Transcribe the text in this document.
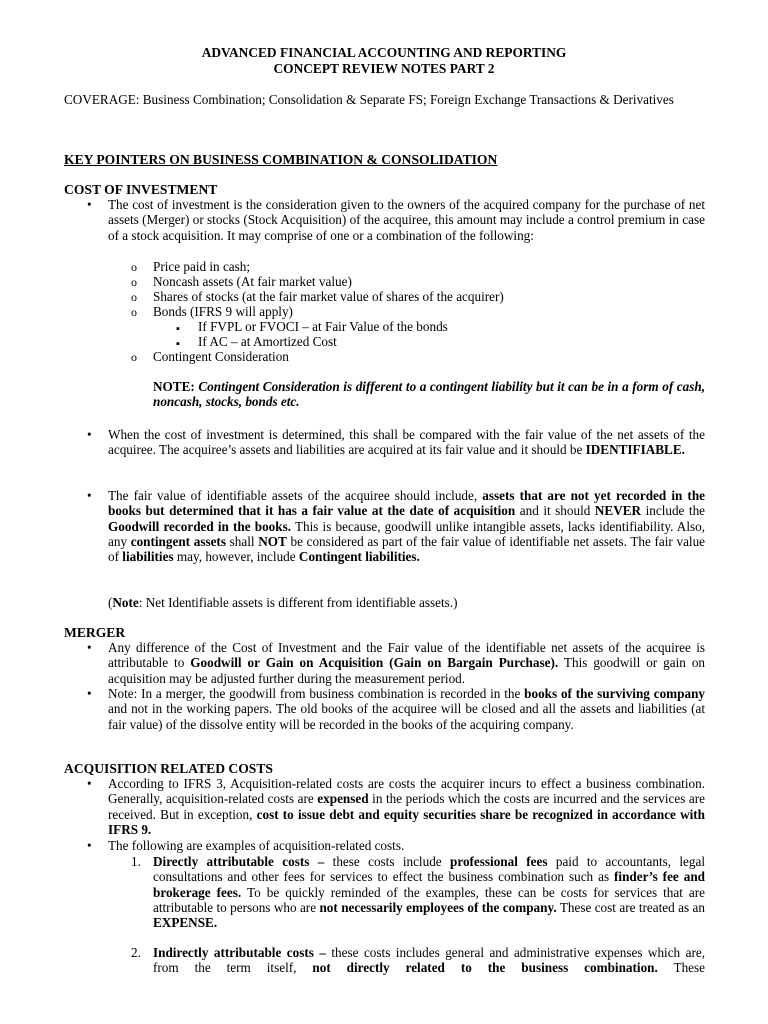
ADVANCED FINANCIAL ACCOUNTING AND REPORTING
CONCEPT REVIEW NOTES PART 2
COVERAGE: Business Combination; Consolidation & Separate FS; Foreign Exchange Transactions & Derivatives
KEY POINTERS ON BUSINESS COMBINATION & CONSOLIDATION
COST OF INVESTMENT
•
The cost of investment is the consideration given to the owners of the acquired company for the purchase of net assets (Merger) or stocks (Stock Acquisition) of the acquiree, this amount may include a control premium in case of a stock acquisition. It may comprise of one or a combination of the following:
o
Price paid in cash;
o
Noncash assets (At fair market value)
o
Shares of stocks (at the fair market value of shares of the acquirer)
o
Bonds (IFRS 9 will apply)
▪
If FVPL or FVOCI – at Fair Value of the bonds
▪
If AC – at Amortized Cost
o
Contingent Consideration
NOTE: Contingent Consideration is different to a contingent liability but it can be in a form of cash, noncash, stocks, bonds etc.
•
When the cost of investment is determined, this shall be compared with the fair value of the net assets of the acquiree. The acquiree’s assets and liabilities are acquired at its fair value and it should be IDENTIFIABLE.
•
The fair value of identifiable assets of the acquiree should include, assets that are not yet recorded in the books but determined that it has a fair value at the date of acquisition and it should NEVER include the Goodwill recorded in the books. This is because, goodwill unlike intangible assets, lacks identifiability. Also, any contingent assets shall NOT be considered as part of the fair value of identifiable net assets. The fair value of liabilities may, however, include Contingent liabilities.
(Note: Net Identifiable assets is different from identifiable assets.)
MERGER
•
Any difference of the Cost of Investment and the Fair value of the identifiable net assets of the acquiree is attributable to Goodwill or Gain on Acquisition (Gain on Bargain Purchase). This goodwill or gain on acquisition may be adjusted further during the measurement period.
•
Note: In a merger, the goodwill from business combination is recorded in the books of the surviving company and not in the working papers. The old books of the acquiree will be closed and all the assets and liabilities (at fair value) of the dissolve entity will be recorded in the books of the acquiring company.
ACQUISITION RELATED COSTS
•
According to IFRS 3, Acquisition-related costs are costs the acquirer incurs to effect a business combination. Generally, acquisition-related costs are expensed in the periods which the costs are incurred and the services are received. But in exception, cost to issue debt and equity securities share be recognized in accordance with IFRS 9.
•
The following are examples of acquisition-related costs.
1. Directly attributable costs – these costs include professional fees paid to accountants, legal consultations and other fees for services to effect the business combination such as finder’s fee and brokerage fees. To be quickly reminded of the examples, these can be costs for services that are attributable to persons who are not necessarily employees of the company. These cost are treated as an EXPENSE.
2. Indirectly attributable costs – these costs includes general and administrative expenses which are, from the term itself, not directly related to the business combination. These
